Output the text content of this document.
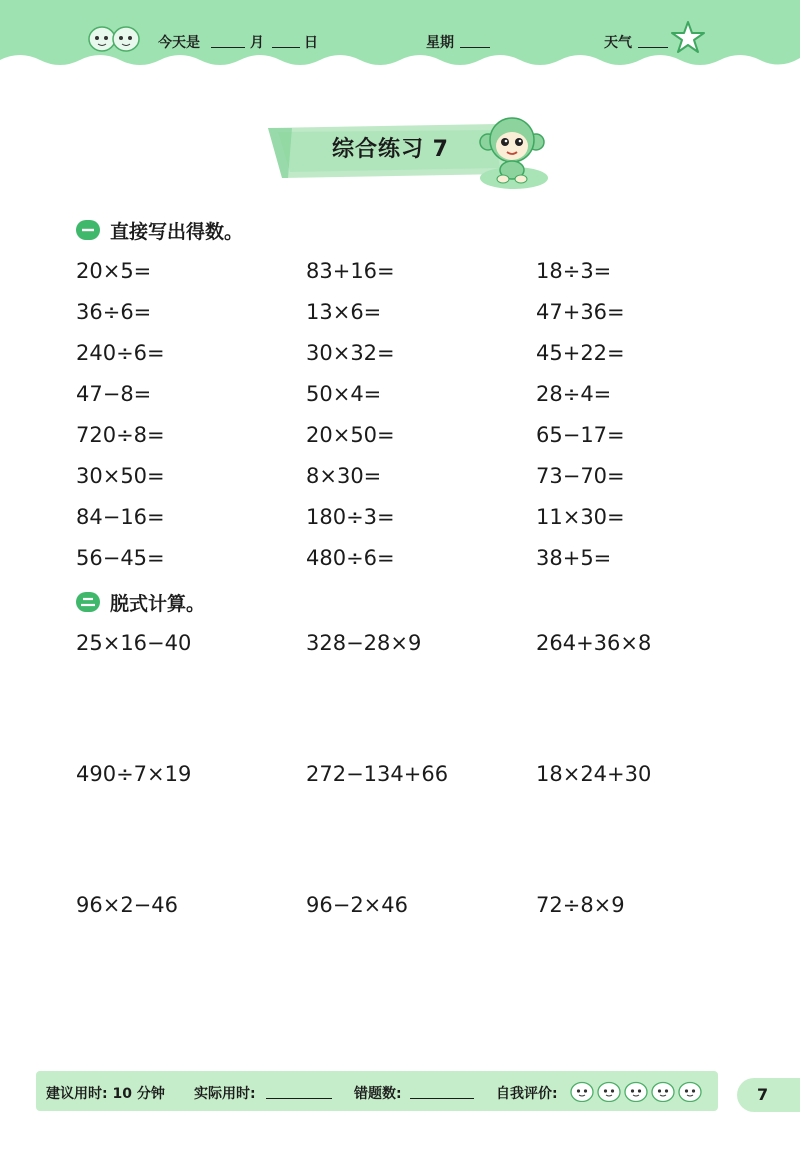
今天是	月	日	星期	天气
综合练习 7
直接写出得数。
20×5=	83+16=	18÷3=
36÷6=	13×6=	47+36=
240÷6=	30×32=	45+22=
47−8=	50×4=	28÷4=
720÷8=	20×50=	65−17=
30×50=	8×30=	73−70=
84−16=	180÷3=	11×30=
56−45=	480÷6=	38+5=
脱式计算。
25×16−40	328−28×9	264+36×8
490÷7×19	272−134+66	18×24+30
96×2−46	96−2×46	72÷8×9
建议用时: 10 分钟 实际用时:	错题数:	自我评价:	7
